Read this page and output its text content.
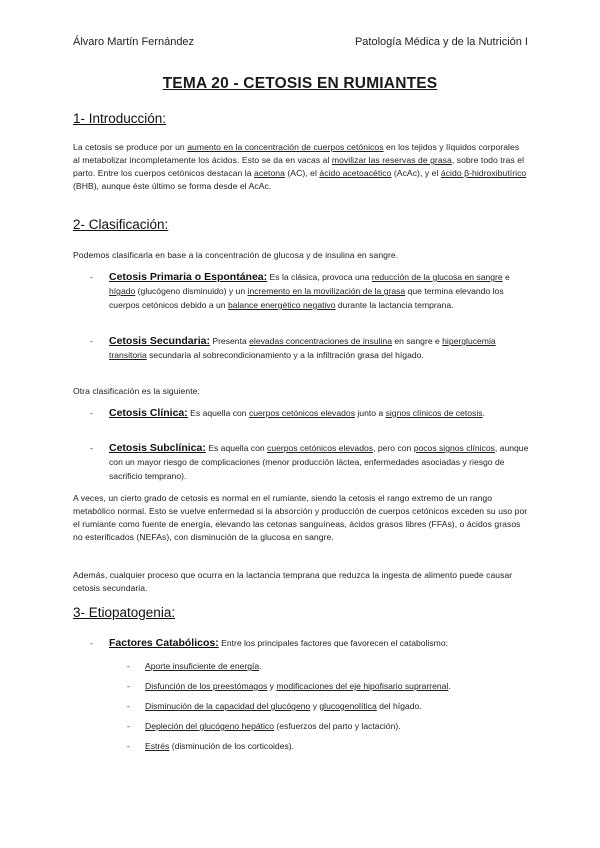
Álvaro Martín Fernández	Patología Médica y de la Nutrición I
TEMA 20 - CETOSIS EN RUMIANTES
1- Introducción:
La cetosis se produce por un aumento en la concentración de cuerpos cetónicos en los tejidos y líquidos corporales al metabolizar incompletamente los ácidos. Esto se da en vacas al movilizar las reservas de grasa, sobre todo tras el parto. Entre los cuerpos cetónicos destacan la acetona (AC), el ácido acetoacético (AcAc), y el ácido β-hidroxibutírico (BHB), aunque éste último se forma desde el AcAc.
2- Clasificación:
Podemos clasificarla en base a la concentración de glucosa y de insulina en sangre.
- Cetosis Primaria o Espontánea: Es la clásica, provoca una reducción de la glucosa en sangre e hígado (glucógeno disminuido) y un incremento en la movilización de la grasa que termina elevando los cuerpos cetónicos debido a un balance energético negativo durante la lactancia temprana.
- Cetosis Secundaria: Presenta elevadas concentraciones de insulina en sangre e hiperglucemia transitoria secundaria al sobrecondicionamiento y a la infiltración grasa del hígado.
Otra clasificación es la siguiente:
- Cetosis Clínica: Es aquella con cuerpos cetónicos elevados junto a signos clínicos de cetosis.
- Cetosis Subclínica: Es aquella con cuerpos cetónicos elevados, pero con pocos signos clínicos, aunque con un mayor riesgo de complicaciones (menor producción láctea, enfermedades asociadas y riesgo de sacrificio temprano).
A veces, un cierto grado de cetosis es normal en el rumiante, siendo la cetosis el rango extremo de un rango metabólico normal. Esto se vuelve enfermedad si la absorción y producción de cuerpos cetónicos exceden su uso por el rumiante como fuente de energía, elevando las cetonas sanguíneas, ácidos grasos libres (FFAs), o ácidos grasos no esterificados (NEFAs), con disminución de la glucosa en sangre.
Además, cualquier proceso que ocurra en la lactancia temprana que reduzca la ingesta de alimento puede causar cetosis secundaria.
3- Etiopatogenia:
- Factores Catabólicos: Entre los principales factores que favorecen el catabolismo:
- Aporte insuficiente de energía.
- Disfunción de los preestómagos y modificaciones del eje hipofisario suprarrenal.
- Disminución de la capacidad del glucógeno y glucogenolítica del hígado.
- Depleción del glucógeno hepático (esfuerzos del parto y lactación).
- Estrés (disminución de los corticoides).
